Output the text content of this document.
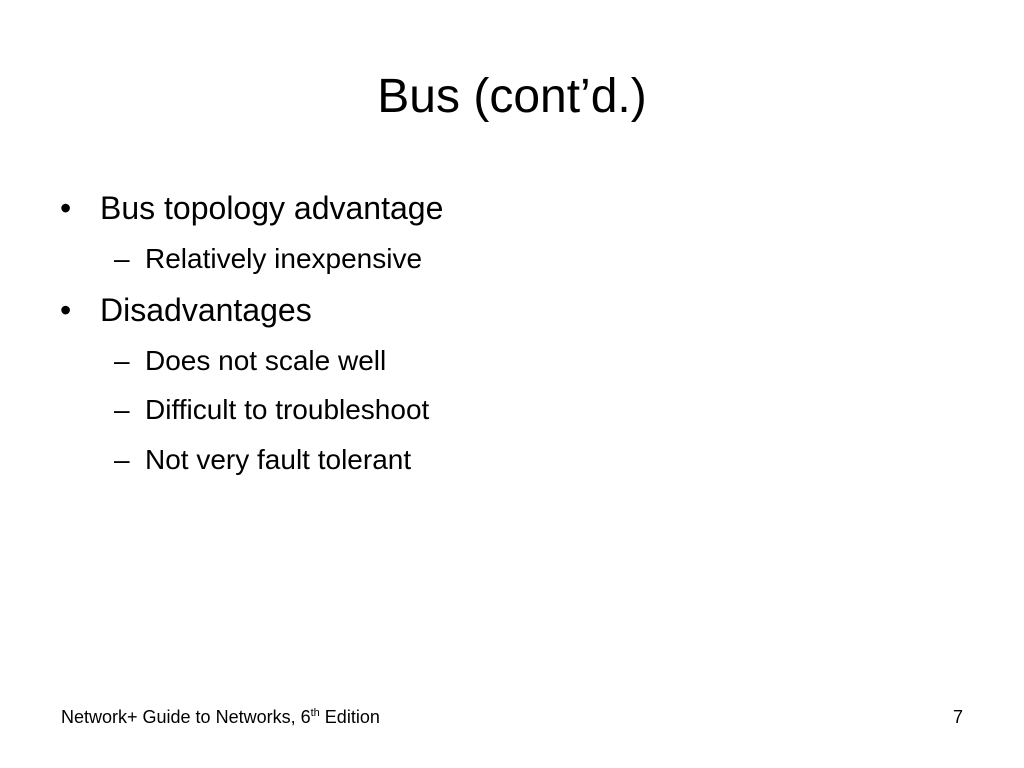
Bus (cont’d.)
• Bus topology advantage
– Relatively inexpensive
• Disadvantages
– Does not scale well
– Difficult to troubleshoot
– Not very fault tolerant
Network+ Guide to Networks, 6th Edition	7
